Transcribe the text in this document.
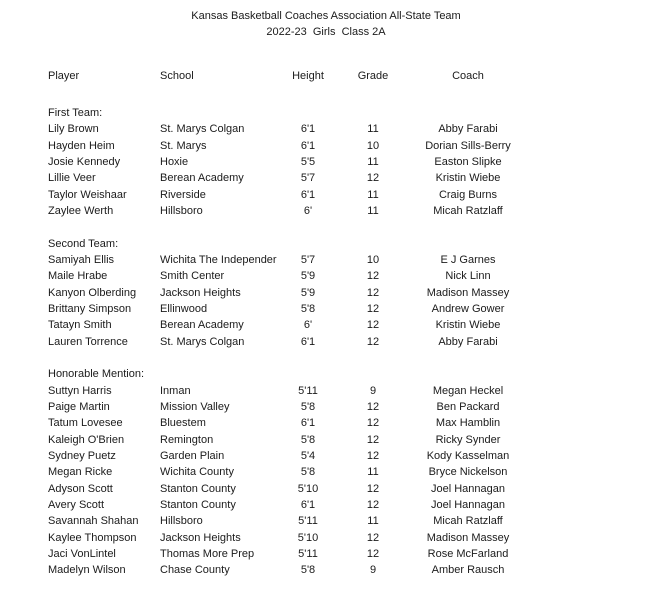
Kansas Basketball Coaches Association All-State Team
2022-23  Girls  Class 2A
Player	School	Height	Grade	Coach
First Team:
Lily Brown	St. Marys Colgan	6'1	11	Abby Farabi
Hayden Heim	St. Marys	6'1	10	Dorian Sills-Berry
Josie Kennedy	Hoxie	5'5	11	Easton Slipke
Lillie Veer	Berean Academy	5'7	12	Kristin Wiebe
Taylor Weishaar	Riverside	6'1	11	Craig Burns
Zaylee Werth	Hillsboro	6'	11	Micah Ratzlaff
Second Team:
Samiyah Ellis	Wichita The Independer	5'7	10	E J Garnes
Maile Hrabe	Smith Center	5'9	12	Nick Linn
Kanyon Olberding	Jackson Heights	5'9	12	Madison Massey
Brittany Simpson	Ellinwood	5'8	12	Andrew Gower
Tatayn Smith	Berean Academy	6'	12	Kristin Wiebe
Lauren Torrence	St. Marys Colgan	6'1	12	Abby Farabi
Honorable Mention:
Suttyn Harris	Inman	5'11	9	Megan Heckel
Paige Martin	Mission Valley	5'8	12	Ben Packard
Tatum Lovesee	Bluestem	6'1	12	Max Hamblin
Kaleigh O'Brien	Remington	5'8	12	Ricky Synder
Sydney Puetz	Garden Plain	5'4	12	Kody Kasselman
Megan Ricke	Wichita County	5'8	11	Bryce Nickelson
Adyson Scott	Stanton County	5'10	12	Joel Hannagan
Avery Scott	Stanton County	6'1	12	Joel Hannagan
Savannah Shahan	Hillsboro	5'11	11	Micah Ratzlaff
Kaylee Thompson	Jackson Heights	5'10	12	Madison Massey
Jaci VonLintel	Thomas More Prep	5'11	12	Rose McFarland
Madelyn Wilson	Chase County	5'8	9	Amber Rausch
